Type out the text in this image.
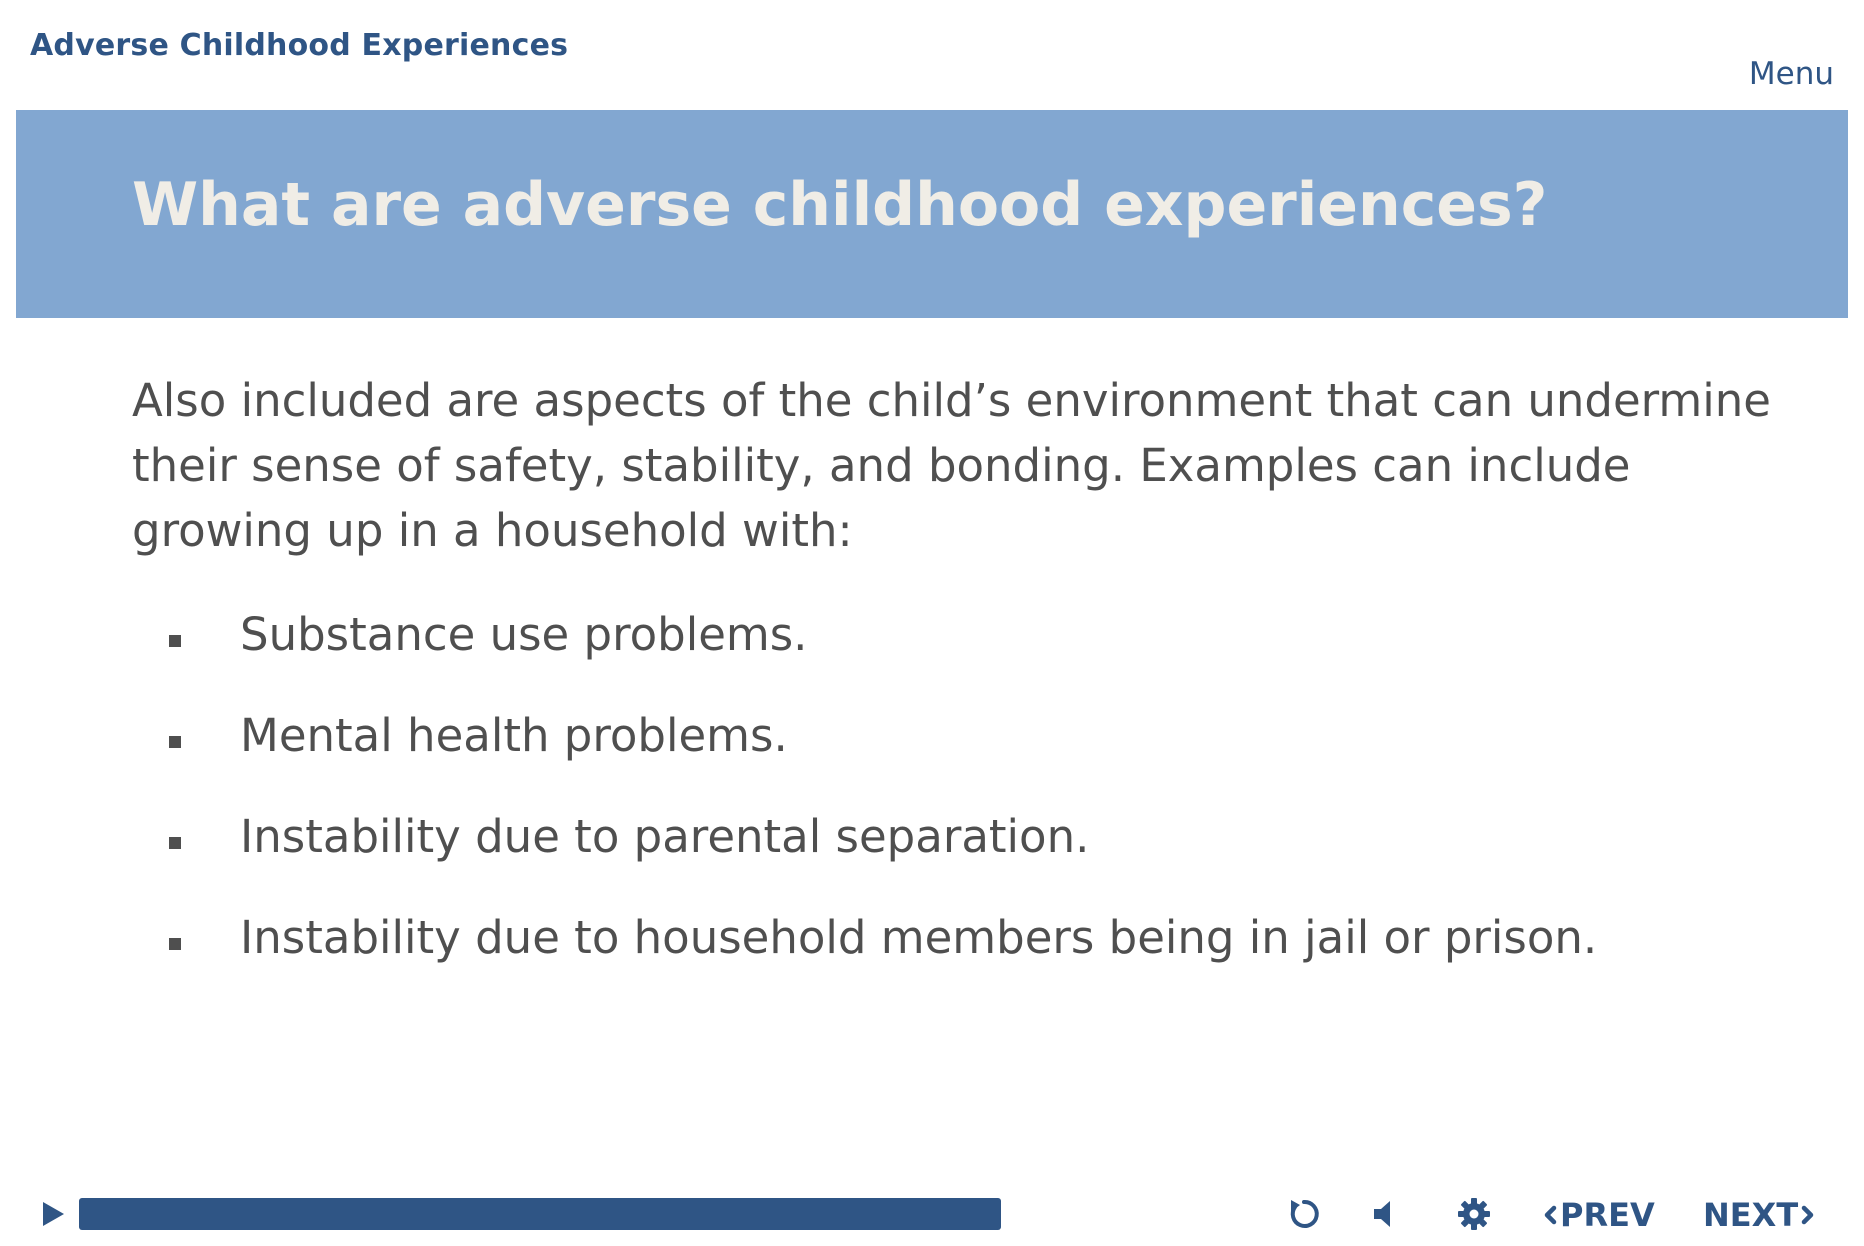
Adverse Childhood Experiences
Menu
What are adverse childhood experiences?
Also included are aspects of the child’s environment that can undermine their sense of safety, stability, and bonding. Examples can include growing up in a household with:
Substance use problems.
Mental health problems.
Instability due to parental separation.
Instability due to household members being in jail or prison.
PREV NEXT
